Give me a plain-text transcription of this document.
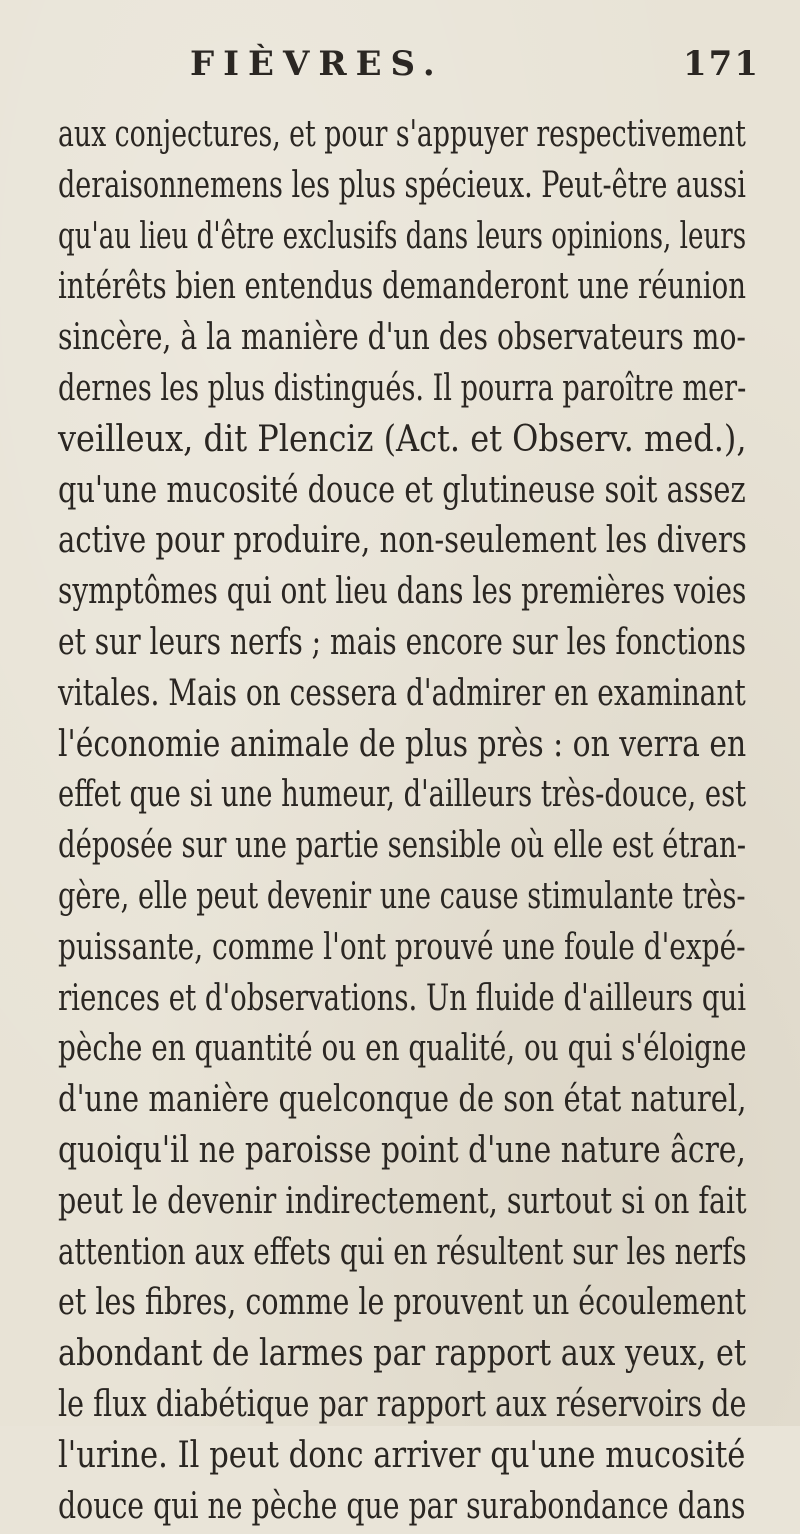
FIÈVRES.	171
aux conjectures, et pour s'appuyer respectivement
deraisonnemens les plus spécieux. Peut-être aussi
qu'au lieu d'être exclusifs dans leurs opinions, leurs
intérêts bien entendus demanderont une réunion
sincère, à la manière d'un des observateurs mo-
dernes les plus distingués. Il pourra paroître mer-
veilleux, dit Plenciz (Act. et Observ. med.),
qu'une mucosité douce et glutineuse soit assez
active pour produire, non-seulement les divers
symptômes qui ont lieu dans les premières voies
et sur leurs nerfs ; mais encore sur les fonctions
vitales. Mais on cessera d'admirer en examinant
l'économie animale de plus près : on verra en
effet que si une humeur, d'ailleurs très-douce, est
déposée sur une partie sensible où elle est étran-
gère, elle peut devenir une cause stimulante très-
puissante, comme l'ont prouvé une foule d'expé-
riences et d'observations. Un fluide d'ailleurs qui
pèche en quantité ou en qualité, ou qui s'éloigne
d'une manière quelconque de son état naturel,
quoiqu'il ne paroisse point d'une nature âcre,
peut le devenir indirectement, surtout si on fait
attention aux effets qui en résultent sur les nerfs
et les fibres, comme le prouvent un écoulement
abondant de larmes par rapport aux yeux, et
le flux diabétique par rapport aux réservoirs de
l'urine. Il peut donc arriver qu'une mucosité
douce qui ne pèche que par surabondance dans
